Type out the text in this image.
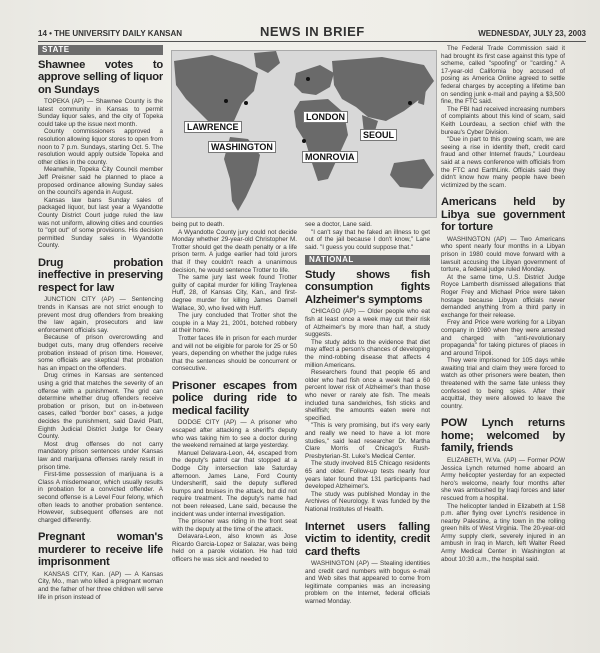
14 • THE UNIVERSITY DAILY KANSAN	NEWS IN BRIEF	WEDNESDAY, JULY 23, 2003
LAWRENCE
WASHINGTON
LONDON
SEOUL
MONROVIA
STATE
Shawnee votes to approve selling of liquor on Sundays

TOPEKA (AP) — Shawnee County is the latest community in Kansas to permit Sunday liquor sales, and the city of Topeka could take up the issue next month.

County commissioners approved a resolution allowing liquor stores to open from noon to 7 p.m. Sundays, starting Oct. 5. The resolution would apply outside Topeka and other cities in the county.

Meanwhile, Topeka City Council member Jeff Preisner said he planned to place a proposed ordinance allowing Sunday sales on the council's agenda in August.

Kansas law bans Sunday sales of packaged liquor, but last year a Wyandotte County District Court judge ruled the law was not uniform, allowing cities and counties to "opt out" of some provisions. His decision permitted Sunday sales in Wyandotte County.

Drug probation ineffective in preserving respect for law

JUNCTION CITY (AP) — Sentencing trends in Kansas are not strict enough to prevent most drug offenders from breaking the law again, prosecutors and law enforcement officials say.

Because of prison overcrowding and budget cuts, many drug offenders receive probation instead of prison time. However, some officials are skeptical that probation has an impact on the offenders.

Drug crimes in Kansas are sentenced using a grid that matches the severity of an offense with a punishment. The grid can determine whether drug offenders receive probation or prison, but on in-between cases, called "border box" cases, a judge decides the punishment, said David Platt, Eighth Judicial District Judge for Geary County.

Most drug offenses do not carry mandatory prison sentences under Kansas law and marijuana offenses rarely result in prison time.

First-time possession of marijuana is a Class A misdemeanor, which usually results in probation for a convicted offender. A second offense is a Level Four felony, which often leads to another probation sentence. However, subsequent offenses are not charged differently.

Pregnant woman's murderer to receive life imprisonment

KANSAS CITY, Kan. (AP) — A Kansas City, Mo., man who killed a pregnant woman and the father of her three children will serve life in prison instead of

being put to death.

A Wyandotte County jury could not decide Monday whether 29-year-old Christopher M. Trotter should get the death penalty or a life prison term. A judge earlier had told jurors that if they couldn't reach a unanimous decision, he would sentence Trotter to life.

The same jury last week found Trotter guilty of capital murder for killing Traylenea Huff, 28, of Kansas City, Kan., and first-degree murder for killing James Darnell Wallace, 30, who lived with Huff.

The jury concluded that Trotter shot the couple in a May 21, 2001, botched robbery at their home.

Trotter faces life in prison for each murder and will not be eligible for parole for 25 or 50 years, depending on whether the judge rules that the sentences should be concurrent or consecutive.

Prisoner escapes from police during ride to medical facility

DODGE CITY (AP) — A prisoner who escaped after attacking a sheriff's deputy who was taking him to see a doctor during the weekend remained at large yesterday.

Manuel Delavara-Leon, 44, escaped from the deputy's patrol car that stopped at a Dodge City intersection late Saturday afternoon. James Lane, Ford County Undersheriff, said the deputy suffered bumps and bruises in the attack, but did not require treatment. The deputy's name had not been released, Lane said, because the incident was under internal investigation.

The prisoner was riding in the front seat with the deputy at the time of the attack.

Delavara-Leon, also known as Jose Ricardo Garcia-Lopez or Salazar, was being held on a parole violation. He had told officers he was sick and needed to

see a doctor, Lane said.

"I can't say that he faked an illness to get out of the jail because I don't know," Lane said. "I guess you could suppose that."

NATIONAL
Study shows fish consumption fights Alzheimer's symptoms

CHICAGO (AP) — Older people who eat fish at least once a week may cut their risk of Alzheimer's by more than half, a study suggests.

The study adds to the evidence that diet may affect a person's chances of developing the mind-robbing disease that affects 4 million Americans.

Researchers found that people 65 and older who had fish once a week had a 60 percent lower risk of Alzheimer's than those who never or rarely ate fish. The meals included tuna sandwiches, fish sticks and shellfish; the amounts eaten were not specified.

"This is very promising, but it's very early and really we need to have a lot more studies," said lead researcher Dr. Martha Clare Morris of Chicago's Rush-Presbyterian-St. Luke's Medical Center.

The study involved 815 Chicago residents 65 and older. Follow-up tests nearly four years later found that 131 participants had developed Alzheimer's.

The study was published Monday in the Archives of Neurology. It was funded by the National Institutes of Health.

Internet users falling victim to identity, credit card thefts

WASHINGTON (AP) — Stealing identities and credit card numbers with bogus e-mail and Web sites that appeared to come from legitimate companies was an increasing problem on the Internet, federal officials warned Monday.

The Federal Trade Commission said it had brought its first case against this type of scheme, called "spoofing" or "carding." A 17-year-old California boy accused of posing as America Online agreed to settle federal charges by accepting a lifetime ban on sending junk e-mail and paying a $3,500 fine, the FTC said.

The FBI had received increasing numbers of complaints about this kind of scam, said Keith Lourdeau, a section chief with the bureau's Cyber Division.

"Due in part to this growing scam, we are seeing a rise in identity theft, credit card fraud and other Internet frauds," Lourdeau said at a news conference with officials from the FTC and EarthLink. Officials said they didn't know how many people have been victimized by the scam.

Americans held by Libya sue government for torture

WASHINGTON (AP) — Two Americans who spent nearly four months in a Libyan prison in 1980 could move forward with a lawsuit accusing the Libyan government of torture, a federal judge ruled Monday.

At the same time, U.S. District Judge Royce Lamberth dismissed allegations that Roger Frey and Michael Price were taken hostage because Libyan officials never demanded anything from a third party in exchange for their release.

Frey and Price were working for a Libyan company in 1980 when they were arrested and charged with "anti-revolutionary propaganda" for taking pictures of places in and around Tripoli.

They were imprisoned for 105 days while awaiting trial and claim they were forced to watch as other prisoners were beaten, then threatened with the same fate unless they confessed to being spies. After their acquittal, they were allowed to leave the country.

POW Lynch returns home; welcomed by family, friends

ELIZABETH, W.Va. (AP) — Former POW Jessica Lynch returned home aboard an Army helicopter yesterday for an expected hero's welcome, nearly four months after she was ambushed by Iraqi forces and later rescued from a hospital.

The helicopter landed in Elizabeth at 1:58 p.m. after flying over Lynch's residence in nearby Palestine, a tiny town in the rolling green hills of West Virginia. The 20-year-old Army supply clerk, severely injured in an ambush in Iraq in March, left Walter Reed Army Medical Center in Washington at about 10:30 a.m., the hospital said.
